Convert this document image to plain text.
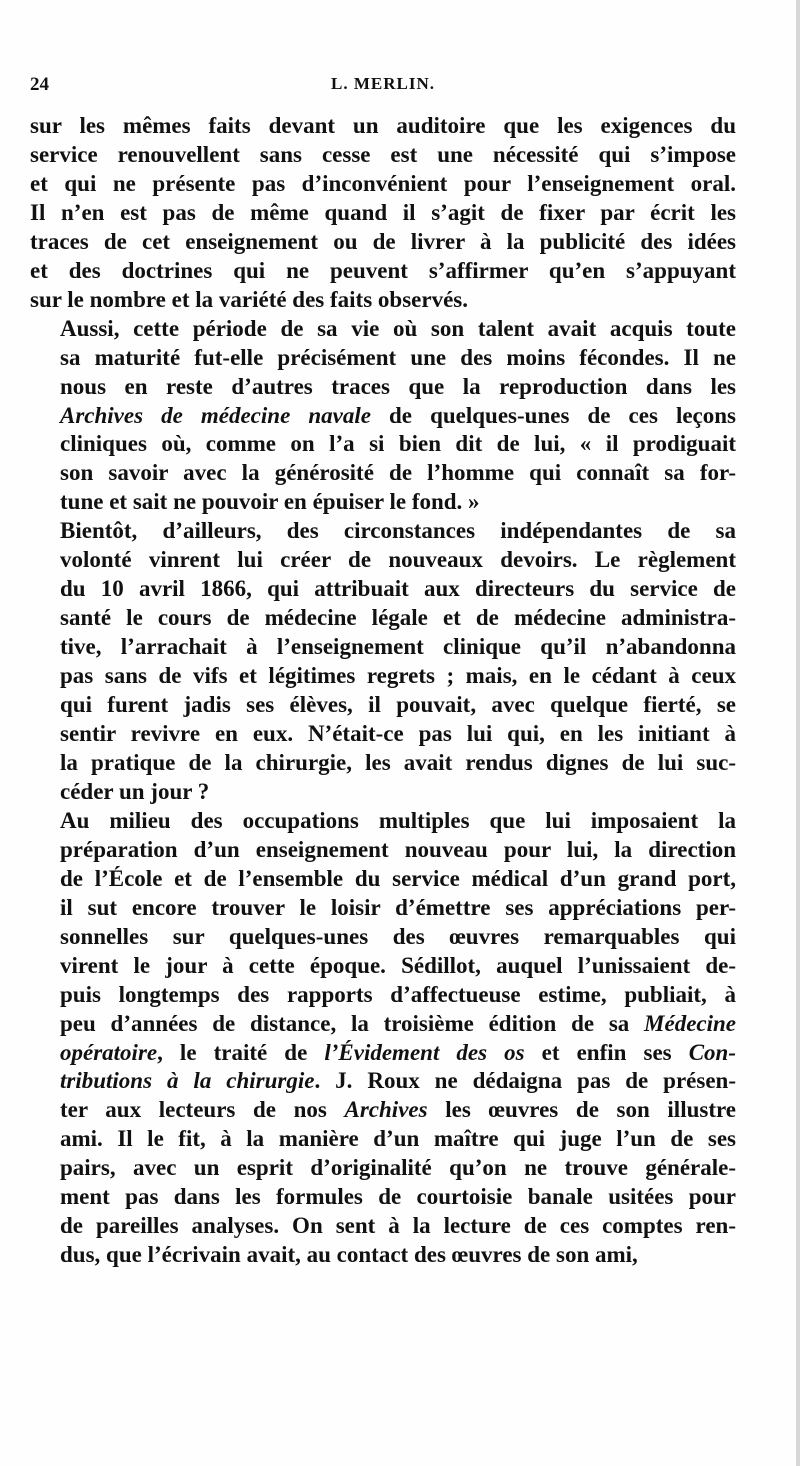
24	L. MERLIN.

sur les mêmes faits devant un auditoire que les exigences du
service renouvellent sans cesse est une nécessité qui s’impose
et qui ne présente pas d’inconvénient pour l’enseignement oral.
Il n’en est pas de même quand il s’agit de fixer par écrit les
traces de cet enseignement ou de livrer à la publicité des idées
et des doctrines qui ne peuvent s’affirmer qu’en s’appuyant
sur le nombre et la variété des faits observés.

Aussi, cette période de sa vie où son talent avait acquis toute
sa maturité fut-elle précisément une des moins fécondes. Il ne
nous en reste d’autres traces que la reproduction dans les
Archives de médecine navale de quelques-unes de ces leçons
cliniques où, comme on l’a si bien dit de lui, « il prodiguait
son savoir avec la générosité de l’homme qui connaît sa for-
tune et sait ne pouvoir en épuiser le fond. »

Bientôt, d’ailleurs, des circonstances indépendantes de sa
volonté vinrent lui créer de nouveaux devoirs. Le règlement
du 10 avril 1866, qui attribuait aux directeurs du service de
santé le cours de médecine légale et de médecine administra-
tive, l’arrachait à l’enseignement clinique qu’il n’abandonna
pas sans de vifs et légitimes regrets ; mais, en le cédant à ceux
qui furent jadis ses élèves, il pouvait, avec quelque fierté, se
sentir revivre en eux. N’était-ce pas lui qui, en les initiant à
la pratique de la chirurgie, les avait rendus dignes de lui suc-
céder un jour ?

Au milieu des occupations multiples que lui imposaient la
préparation d’un enseignement nouveau pour lui, la direction
de l’École et de l’ensemble du service médical d’un grand port,
il sut encore trouver le loisir d’émettre ses appréciations per-
sonnelles sur quelques-unes des œuvres remarquables qui
virent le jour à cette époque. Sédillot, auquel l’unissaient de-
puis longtemps des rapports d’affectueuse estime, publiait, à
peu d’années de distance, la troisième édition de sa Médecine
opératoire, le traité de l’Évidement des os et enfin ses Con-
tributions à la chirurgie. J. Roux ne dédaigna pas de présen-
ter aux lecteurs de nos Archives les œuvres de son illustre
ami. Il le fit, à la manière d’un maître qui juge l’un de ses
pairs, avec un esprit d’originalité qu’on ne trouve générale-
ment pas dans les formules de courtoisie banale usitées pour
de pareilles analyses. On sent à la lecture de ces comptes ren-
dus, que l’écrivain avait, au contact des œuvres de son ami,
